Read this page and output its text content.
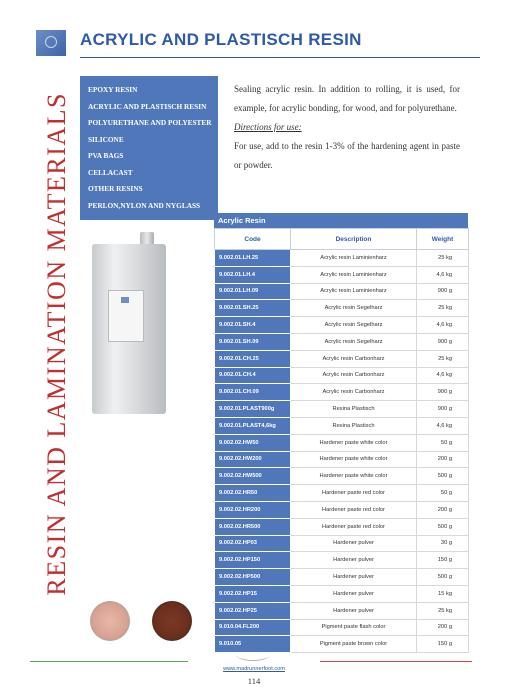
ACRYLIC AND PLASTISCH RESIN
RESIN AND LAMINATION MATERIALS
EPOXY RESIN
ACRYLIC AND PLASTISCH RESIN
POLYURETHANE AND POLYESTER
SILICONE
PVA BAGS
CELLACAST
OTHER RESINS
PERLON,NYLON AND NYGLASS
Sealing acrylic resin. In addition to rolling, it is used, for example, for acrylic bonding, for wood, and for polyurethane.
Directions for use:
For use, add to the resin 1-3% of the hardening agent in paste or powder.
Acrylic Resin
Code	Description	Weight
9.002.01.LH.25	Acrylic resin Laminienharz	25 kg
9.002.01.LH.4	Acrylic resin Laminienharz	4,6 kg
9.002.01.LH.09	Acrylic resin Laminienharz	900 g
9.002.01.SH.25	Acrylic resin Segelharz	25 kg
9.002.01.SH.4	Acrylic resin Segelharz	4,6 kg
9.002.01.SH.09	Acrylic resin Segelharz	900 g
9.002.01.CH.25	Acrylic resin Carbonharz	25 kg
9.002.01.CH.4	Acrylic resin Carbonharz	4,6 kg
9.002.01.CH.09	Acrylic resin Carbonharz	900 g
9.002.01.PLAST900g	Resina Plastisch	900 g
9.002.01.PLAST4,6kg	Resina Plastisch	4,6 kg
9.002.02.HW50	Hardener paste white color	50 g
9.002.02.HW200	Hardener paste white color	200 g
9.002.02.HW500	Hardener paste white color	500 g
9.002.02.HR50	Hardener paste red color	50 g
9.002.02.HR200	Hardener paste red color	200 g
9.002.02.HR500	Hardener paste red color	500 g
9.002.02.HP03	Hardener pulver	30 g
9.002.02.HP150	Hardener pulver	150 g
9.002.02.HP500	Hardener pulver	500 g
9.002.02.HP15	Hardener pulver	15 kg
9.002.02.HP25	Hardener pulver	25 kg
9.010.04.FL200	Pigment paste flash color	200 g
9.010.05	Pigment paste brown color	150 g
www.madrunnerfoot.com
114
